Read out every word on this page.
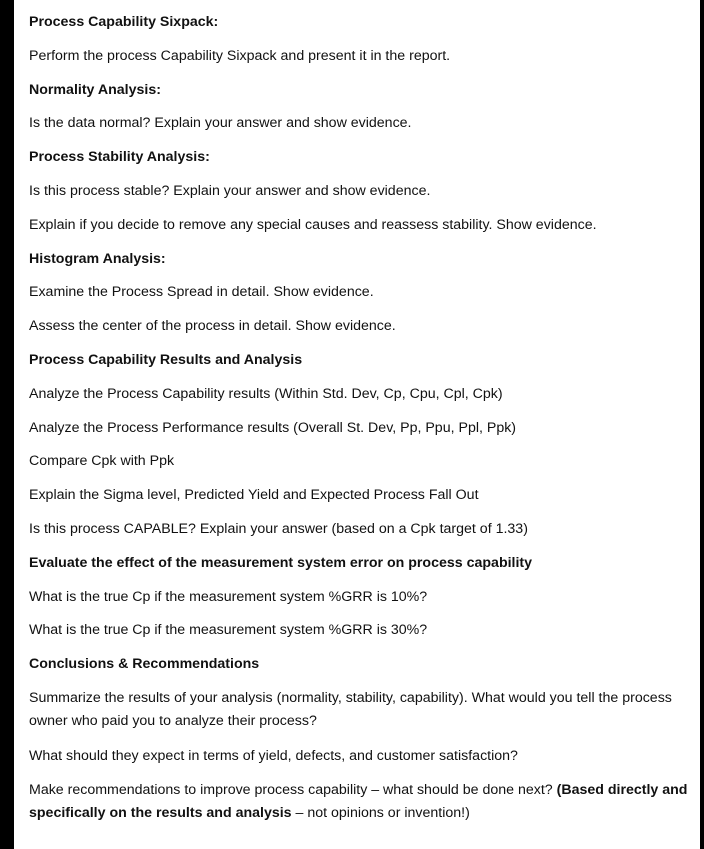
Process Capability Sixpack:

Perform the process Capability Sixpack and present it in the report.

Normality Analysis:

Is the data normal? Explain your answer and show evidence.

Process Stability Analysis:

Is this process stable? Explain your answer and show evidence.

Explain if you decide to remove any special causes and reassess stability. Show evidence.

Histogram Analysis:

Examine the Process Spread in detail. Show evidence.

Assess the center of the process in detail. Show evidence.

Process Capability Results and Analysis

Analyze the Process Capability results (Within Std. Dev, Cp, Cpu, Cpl, Cpk)

Analyze the Process Performance results (Overall St. Dev, Pp, Ppu, Ppl, Ppk)

Compare Cpk with Ppk

Explain the Sigma level, Predicted Yield and Expected Process Fall Out

Is this process CAPABLE? Explain your answer (based on a Cpk target of 1.33)

Evaluate the effect of the measurement system error on process capability

What is the true Cp if the measurement system %GRR is 10%?

What is the true Cp if the measurement system %GRR is 30%?

Conclusions & Recommendations

Summarize the results of your analysis (normality, stability, capability). What would you tell the process owner who paid you to analyze their process?

What should they expect in terms of yield, defects, and customer satisfaction?

Make recommendations to improve process capability – what should be done next? (Based directly and specifically on the results and analysis – not opinions or invention!)
